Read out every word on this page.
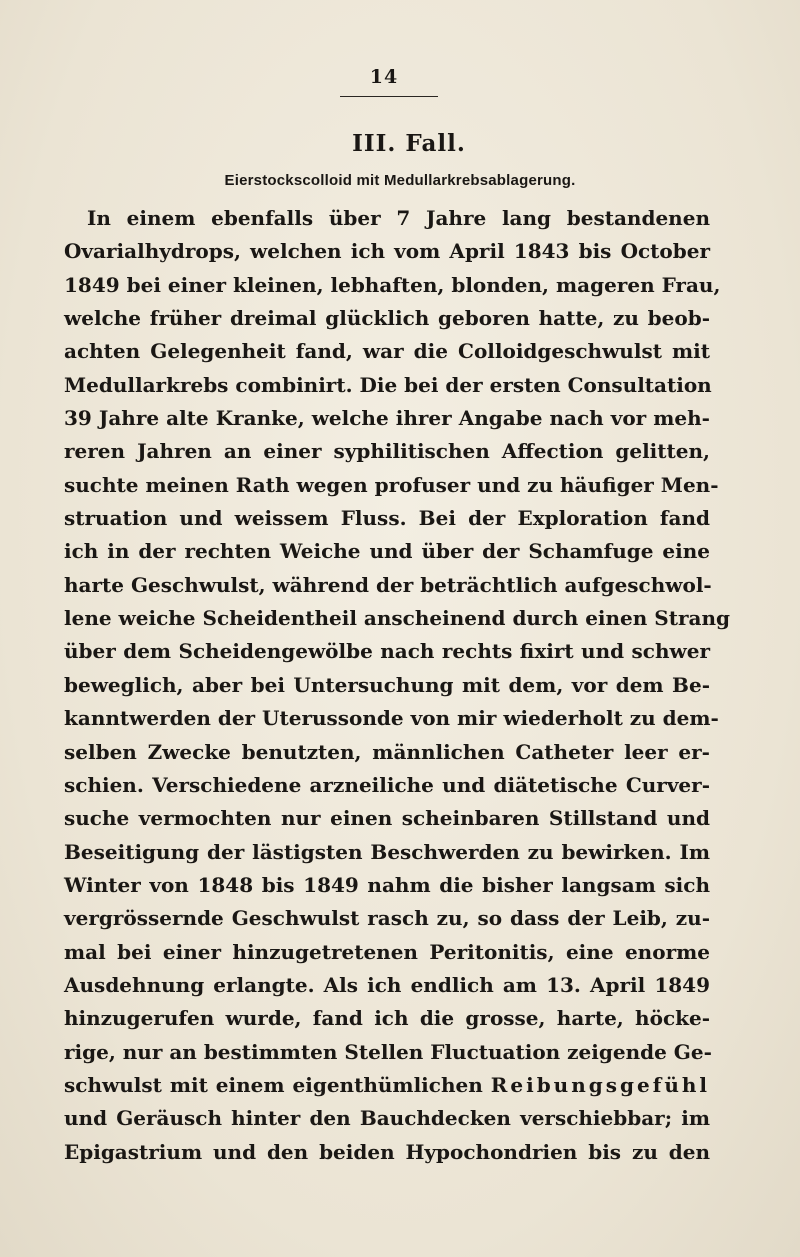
14
III. Fall.
Eierstockscolloid mit Medullarkrebsablagerung.
In einem ebenfalls über 7 Jahre lang bestandenen
Ovarialhydrops, welchen ich vom April 1843 bis October
1849 bei einer kleinen, lebhaften, blonden, mageren Frau,
welche früher dreimal glücklich geboren hatte, zu beob-
achten Gelegenheit fand, war die Colloidgeschwulst mit
Medullarkrebs combinirt. Die bei der ersten Consultation
39 Jahre alte Kranke, welche ihrer Angabe nach vor meh-
reren Jahren an einer syphilitischen Affection gelitten,
suchte meinen Rath wegen profuser und zu häufiger Men-
struation und weissem Fluss. Bei der Exploration fand
ich in der rechten Weiche und über der Schamfuge eine
harte Geschwulst, während der beträchtlich aufgeschwol-
lene weiche Scheidentheil anscheinend durch einen Strang
über dem Scheidengewölbe nach rechts fixirt und schwer
beweglich, aber bei Untersuchung mit dem, vor dem Be-
kanntwerden der Uterussonde von mir wiederholt zu dem-
selben Zwecke benutzten, männlichen Catheter leer er-
schien. Verschiedene arzneiliche und diätetische Curver-
suche vermochten nur einen scheinbaren Stillstand und
Beseitigung der lästigsten Beschwerden zu bewirken. Im
Winter von 1848 bis 1849 nahm die bisher langsam sich
vergrössernde Geschwulst rasch zu, so dass der Leib, zu-
mal bei einer hinzugetretenen Peritonitis, eine enorme
Ausdehnung erlangte. Als ich endlich am 13. April 1849
hinzugerufen wurde, fand ich die grosse, harte, höcke-
rige, nur an bestimmten Stellen Fluctuation zeigende Ge-
schwulst mit einem eigenthümlichen Reibungsgefühl
und Geräusch hinter den Bauchdecken verschiebbar; im
Epigastrium und den beiden Hypochondrien bis zu den
